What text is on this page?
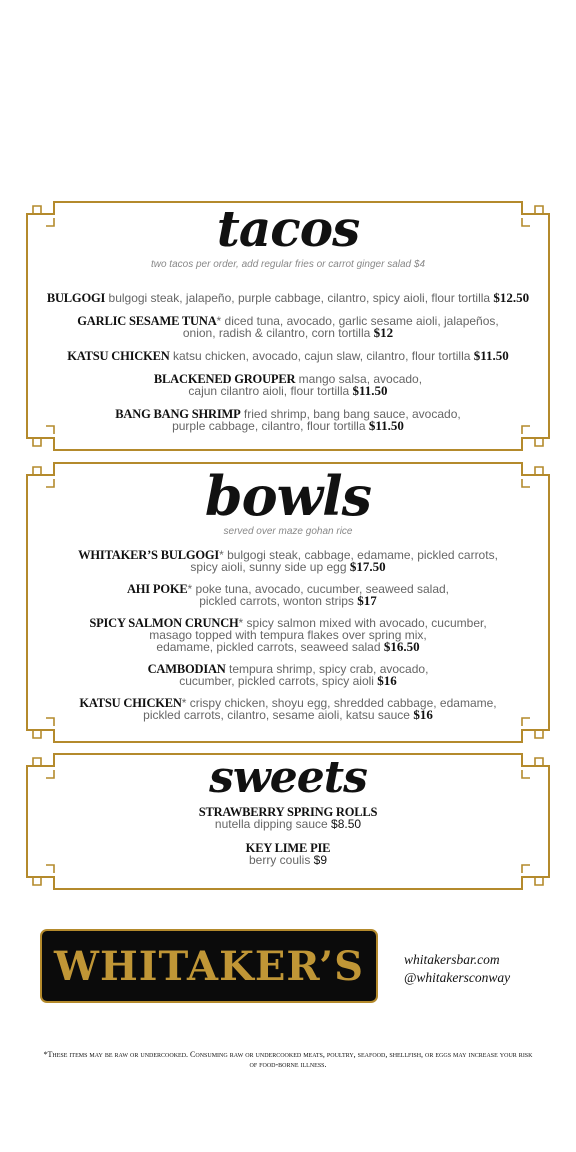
tacos

two tacos per order, add regular fries or carrot ginger salad $4

BULGOGI bulgogi steak, jalapeño, purple cabbage, cilantro, spicy aioli, flour tortilla $12.50

GARLIC SESAME TUNA* diced tuna, avocado, garlic sesame aioli, jalapeños,
onion, radish & cilantro, corn tortilla $12

KATSU CHICKEN katsu chicken, avocado, cajun slaw, cilantro, flour tortilla $11.50

BLACKENED GROUPER mango salsa, avocado,
cajun cilantro aioli, flour tortilla $11.50

BANG BANG SHRIMP fried shrimp, bang bang sauce, avocado,
purple cabbage, cilantro, flour tortilla $11.50

bowls

served over maze gohan rice

WHITAKER’S BULGOGI* bulgogi steak, cabbage, edamame, pickled carrots,
spicy aioli, sunny side up egg $17.50

AHI POKE* poke tuna, avocado, cucumber, seaweed salad,
pickled carrots, wonton strips $17

SPICY SALMON CRUNCH* spicy salmon mixed with avocado, cucumber,
masago topped with tempura flakes over spring mix,
edamame, pickled carrots, seaweed salad $16.50

CAMBODIAN tempura shrimp, spicy crab, avocado,
cucumber, pickled carrots, spicy aioli $16

KATSU CHICKEN* crispy chicken, shoyu egg, shredded cabbage, edamame,
pickled carrots, cilantro, sesame aioli, katsu sauce $16

sweets

STRAWBERRY SPRING ROLLS
nutella dipping sauce $8.50

KEY LIME PIE
berry coulis $9

WHITAKER’S	whitakersbar.com
@whitakersconway
*These items may be raw or undercooked. Consuming raw or undercooked meats, poultry, seafood, shellfish, or eggs may increase your risk of food-borne illness.
